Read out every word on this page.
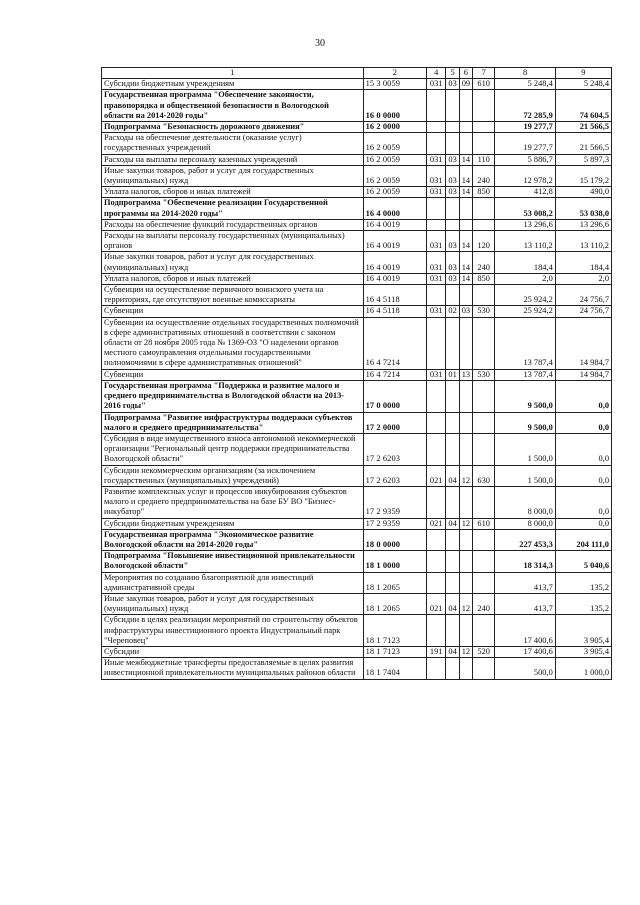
30
1	2	4	5	6	7	8	9
Субсидии бюджетным учреждениям	15 3 0059	031	03	09	610	5 248,4	5 248,4
Государственная программа "Обеспечение законности, правопорядка и общественной безопасности в Вологодской области на 2014-2020 годы"	16 0 0000					72 285,9	74 604,5
Подпрограмма "Безопасность дорожного движения"	16 2 0000					19 277,7	21 566,5
Расходы на обеспечение деятельности (оказание услуг) государственных учреждений	16 2 0059					19 277,7	21 566,5
Расходы на выплаты персоналу казенных учреждений	16 2 0059	031	03	14	110	5 886,7	5 897,3
Иные закупки товаров, работ и услуг для государственных (муниципальных) нужд	16 2 0059	031	03	14	240	12 978,2	15 179,2
Уплата налогов, сборов и иных платежей	16 2 0059	031	03	14	850	412,8	490,0
Подпрограмма "Обеспечение реализации Государственной программы на 2014-2020 годы"	16 4 0000					53 008,2	53 038,0
Расходы на обеспечение функций государственных органов	16 4 0019					13 296,6	13 296,6
Расходы на выплаты персоналу государственных (муниципальных) органов	16 4 0019	031	03	14	120	13 110,2	13 110,2
Иные закупки товаров, работ и услуг для государственных (муниципальных) нужд	16 4 0019	031	03	14	240	184,4	184,4
Уплата налогов, сборов и иных платежей	16 4 0019	031	03	14	850	2,0	2,0
Субвенции на осуществление первичного воинского учета на территориях, где отсутствуют военные комиссариаты	16 4 5118					25 924,2	24 756,7
Субвенции	16 4 5118	031	02	03	530	25 924,2	24 756,7
Субвенции на осуществление отдельных государственных полномочий в сфере административных отношений в соответствии с законом области от 28 ноября 2005 года № 1369-ОЗ "О наделении органов местного самоуправления отдельными государственными полномочиями в сфере административных отношений"	16 4 7214					13 787,4	14 984,7
Субвенции	16 4 7214	031	01	13	530	13 787,4	14 984,7
Государственная программа "Поддержка и развитие малого и среднего предпринимательства в Вологодской области на 2013-2016 годы"	17 0 0000					9 500,0	0,0
Подпрограмма "Развитие инфраструктуры поддержки субъектов малого и среднего предпринимательства"	17 2 0000					9 500,0	0,0
Субсидия в виде имущественного взноса автономной некоммерческой организации "Региональный центр поддержки предпринимательства Вологодской области"	17 2 6203					1 500,0	0,0
Субсидии некоммерческим организациям (за исключением государственных (муниципальных) учреждений)	17 2 6203	021	04	12	630	1 500,0	0,0
Развитие комплексных услуг и процессов инкубирования субъектов малого и среднего предпринимательства на базе БУ ВО "Бизнес-инкубатор"	17 2 9359					8 000,0	0,0
Субсидии бюджетным учреждениям	17 2 9359	021	04	12	610	8 000,0	0,0
Государственная программа "Экономическое развитие Вологодской области на 2014-2020 годы"	18 0 0000					227 453,3	204 111,0
Подпрограмма "Повышение инвестиционной привлекательности Вологодской области"	18 1 0000					18 314,3	5 040,6
Мероприятия по созданию благоприятной для инвестиций административной среды	18 1 2065					413,7	135,2
Иные закупки товаров, работ и услуг для государственных (муниципальных) нужд	18 1 2065	021	04	12	240	413,7	135,2
Субсидии в целях реализации мероприятий по строительству объектов инфраструктуры инвестиционного проекта Индустриальный парк "Череповец"	18 1 7123					17 400,6	3 905,4
Субсидии	18 1 7123	191	04	12	520	17 400,6	3 905,4
Иные межбюджетные трансферты предоставляемые в целях развития инвестиционной привлекательности муниципальных районов области	18 1 7404					500,0	1 000,0
